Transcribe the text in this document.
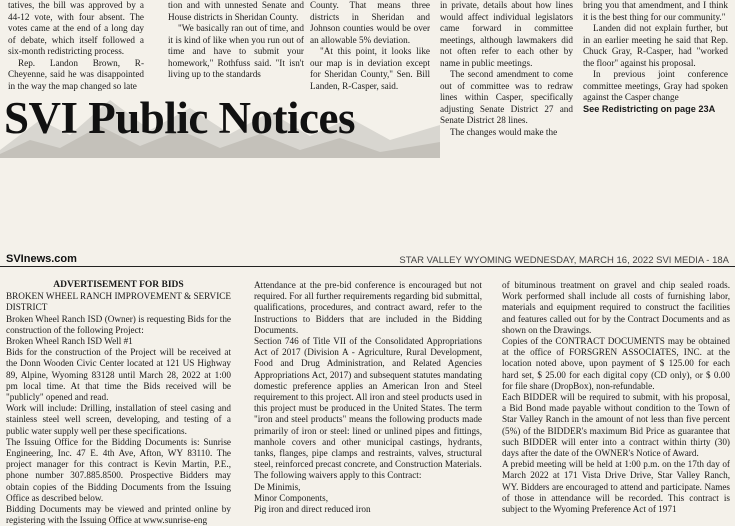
tatives, the bill was approved by a 44-12 vote, with four absent. The votes came at the end of a long day of debate, which itself followed a six-month redistricting process.

Rep. Landon Brown, R-Cheyenne, said he was disappointed in the way the map changed so late

tion and with unnested Senate and House districts in Sheridan County.

"We basically ran out of time, and it is kind of like when you run out of time and have to submit your homework," Rothfuss said. "It isn't living up to the standards

County. That means three districts in Sheridan and Johnson counties would be over an allowable 5% deviation.

"At this point, it looks like our map is in deviation except for Sheridan County," Sen. Bill Landen, R-Casper, said.

in private, details about how lines would affect individual legislators came forward in committee meetings, although lawmakers did not often refer to each other by name in public meetings.

The second amendment to come out of committee was to redraw lines within Casper, specifically adjusting Senate District 27 and Senate District 28 lines.

The changes would make the

bring you that amendment, and I think it is the best thing for our community."

Landen did not explain further, but in an earlier meeting he said that Rep. Chuck Gray, R-Casper, had "worked the floor" against his proposal.

In previous joint conference committee meetings, Gray had spoken against the Casper change

See Redistricting on page 23A

SVI Public Notices
SVInews.com	STAR VALLEY WYOMING WEDNESDAY, MARCH 16, 2022 SVI MEDIA - 18A

ADVERTISEMENT FOR BIDS

BROKEN WHEEL RANCH IMPROVEMENT & SERVICE DISTRICT

Broken Wheel Ranch ISD (Owner) is requesting Bids for the construction of the following Project:

Broken Wheel Ranch ISD Well #1

Bids for the construction of the Project will be received at the Donn Wooden Civic Center located at 121 US Highway 89, Alpine, Wyoming 83128 until March 28, 2022 at 1:00 pm local time. At that time the Bids received will be "publicly" opened and read.

Work will include: Drilling, installation of steel casing and stainless steel well screen, developing, and testing of a public water supply well per these specifications.

The Issuing Office for the Bidding Documents is: Sunrise Engineering, Inc. 47 E. 4th Ave, Afton, WY 83110. The project manager for this contract is Kevin Martin, P.E., phone number 307.885.8500. Prospective Bidders may obtain copies of the Bidding Documents from the Issuing Office as described below.

Bidding Documents may be viewed and printed online by registering with the Issuing Office at www.sunrise-eng

Attendance at the pre-bid conference is encouraged but not required. For all further requirements regarding bid submittal, qualifications, procedures, and contract award, refer to the Instructions to Bidders that are included in the Bidding Documents.

Section 746 of Title VII of the Consolidated Appropriations Act of 2017 (Division A - Agriculture, Rural Development, Food and Drug Administration, and Related Agencies Appropriations Act, 2017) and subsequent statutes mandating domestic preference applies an American Iron and Steel requirement to this project. All iron and steel products used in this project must be produced in the United States. The term "iron and steel products" means the following products made primarily of iron or steel: lined or unlined pipes and fittings, manhole covers and other municipal castings, hydrants, tanks, flanges, pipe clamps and restraints, valves, structural steel, reinforced precast concrete, and Construction Materials.

The following waivers apply to this Contract:

De Minimis,

Minor Components,

Pig iron and direct reduced iron

of bituminous treatment on gravel and chip sealed roads. Work performed shall include all costs of furnishing labor, materials and equipment required to construct the facilities and features called out for by the Contract Documents and as shown on the Drawings.

Copies of the CONTRACT DOCUMENTS may be obtained at the office of FORSGREN ASSOCIATES, INC. at the location noted above, upon payment of $ 125.00 for each hard set, $ 25.00 for each digital copy (CD only), or $ 0.00 for file share (DropBox), non-refundable.

Each BIDDER will be required to submit, with his proposal, a Bid Bond made payable without condition to the Town of Star Valley Ranch in the amount of not less than five percent (5%) of the BIDDER's maximum Bid Price as guarantee that such BIDDER will enter into a contract within thirty (30) days after the date of the OWNER's Notice of Award.

A prebid meeting will be held at 1:00 p.m. on the 17th day of March 2022 at 171 Vista Drive Drive, Star Valley Ranch, WY. Bidders are encouraged to attend and participate. Names of those in attendance will be recorded. This contract is subject to the Wyoming Preference Act of 1971
